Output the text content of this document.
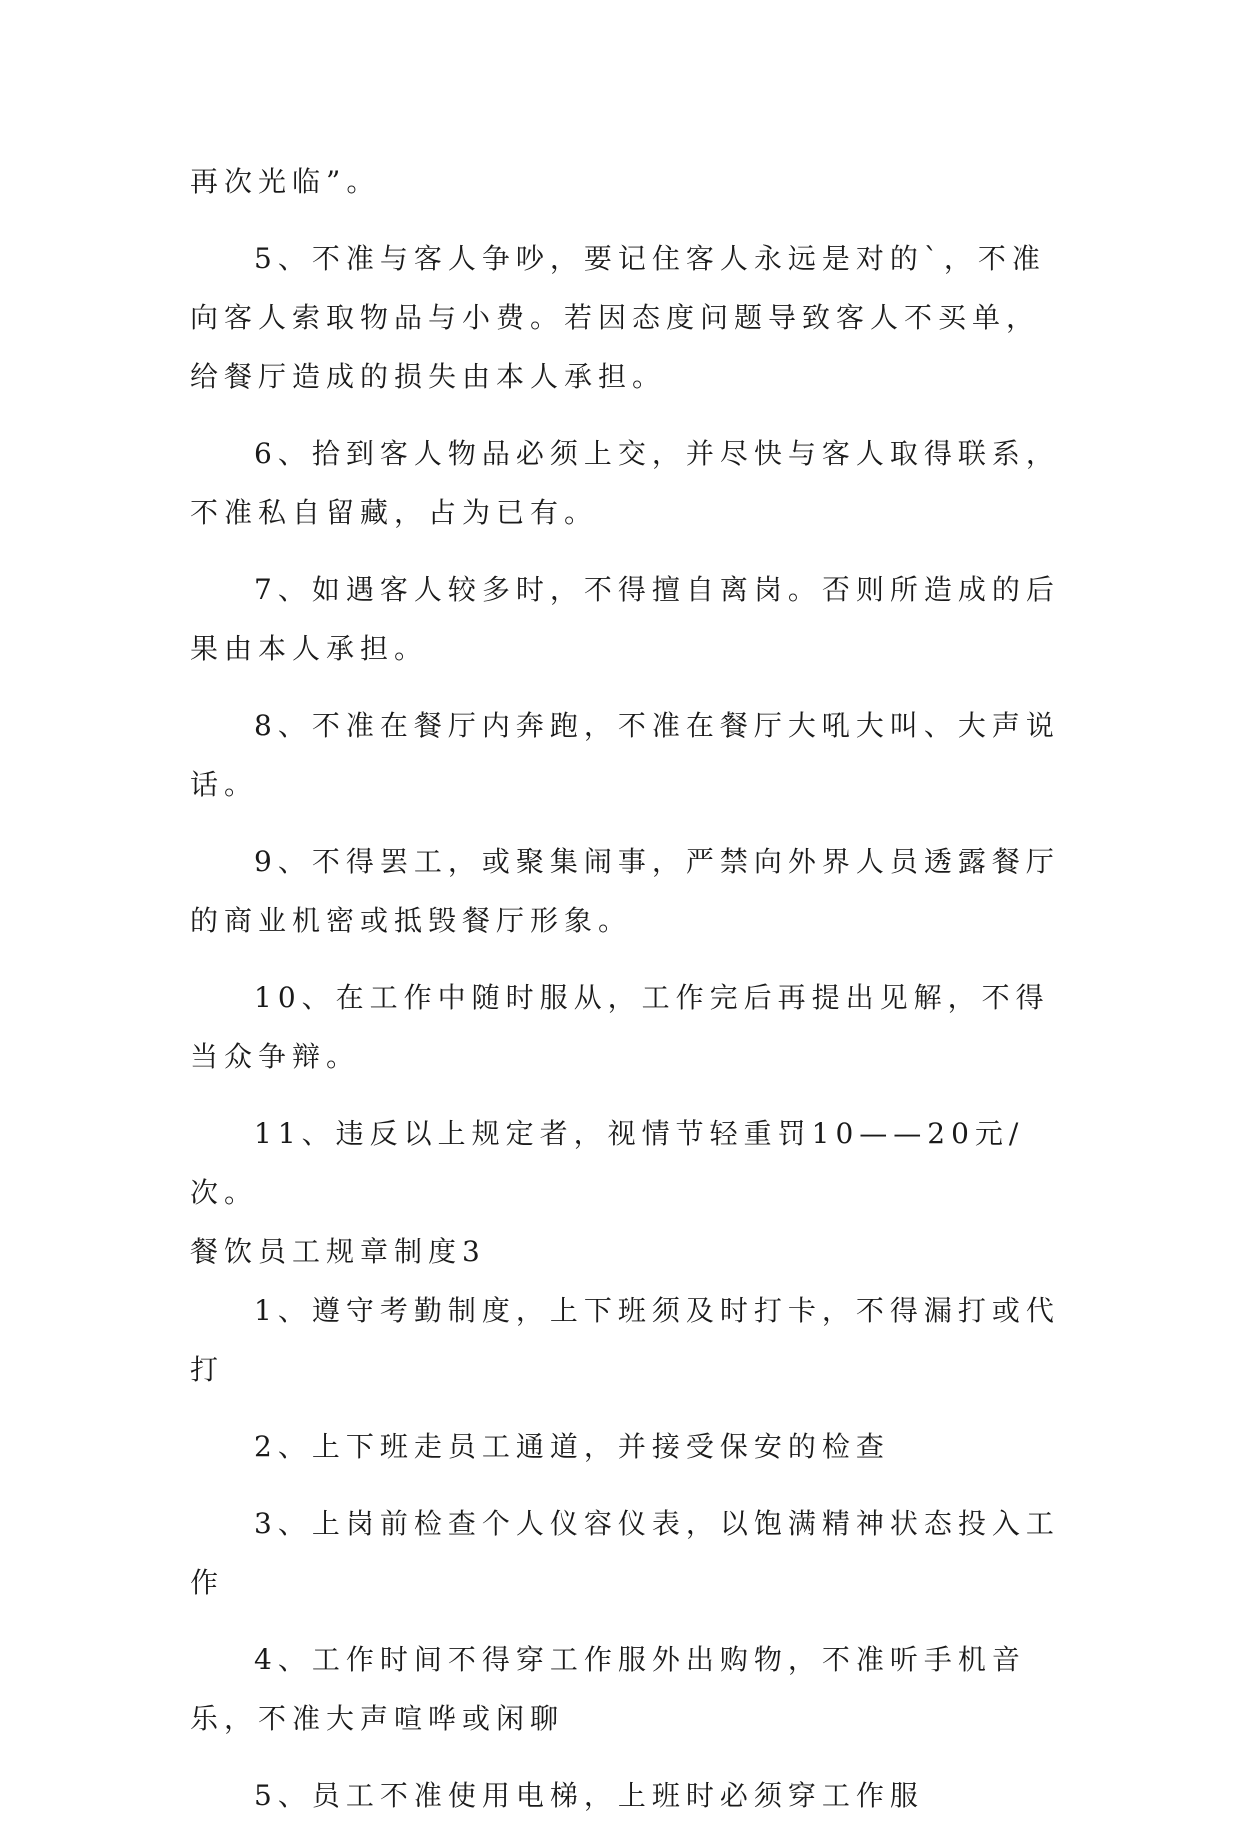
再次光临”。

5、不准与客人争吵，要记住客人永远是对的`，不准向客人索取物品与小费。若因态度问题导致客人不买单，给餐厅造成的损失由本人承担。

6、拾到客人物品必须上交，并尽快与客人取得联系，不准私自留藏，占为已有。

7、如遇客人较多时，不得擅自离岗。否则所造成的后果由本人承担。

8、不准在餐厅内奔跑，不准在餐厅大吼大叫、大声说话。

9、不得罢工，或聚集闹事，严禁向外界人员透露餐厅的商业机密或抵毁餐厅形象。

10、在工作中随时服从，工作完后再提出见解，不得当众争辩。

11、违反以上规定者，视情节轻重罚10——20元/次。

餐饮员工规章制度3

1、遵守考勤制度，上下班须及时打卡，不得漏打或代打

2、上下班走员工通道，并接受保安的检查

3、上岗前检查个人仪容仪表，以饱满精神状态投入工作

4、工作时间不得穿工作服外出购物，不准听手机音乐，不准大声喧哗或闲聊

5、员工不准使用电梯，上班时必须穿工作服
